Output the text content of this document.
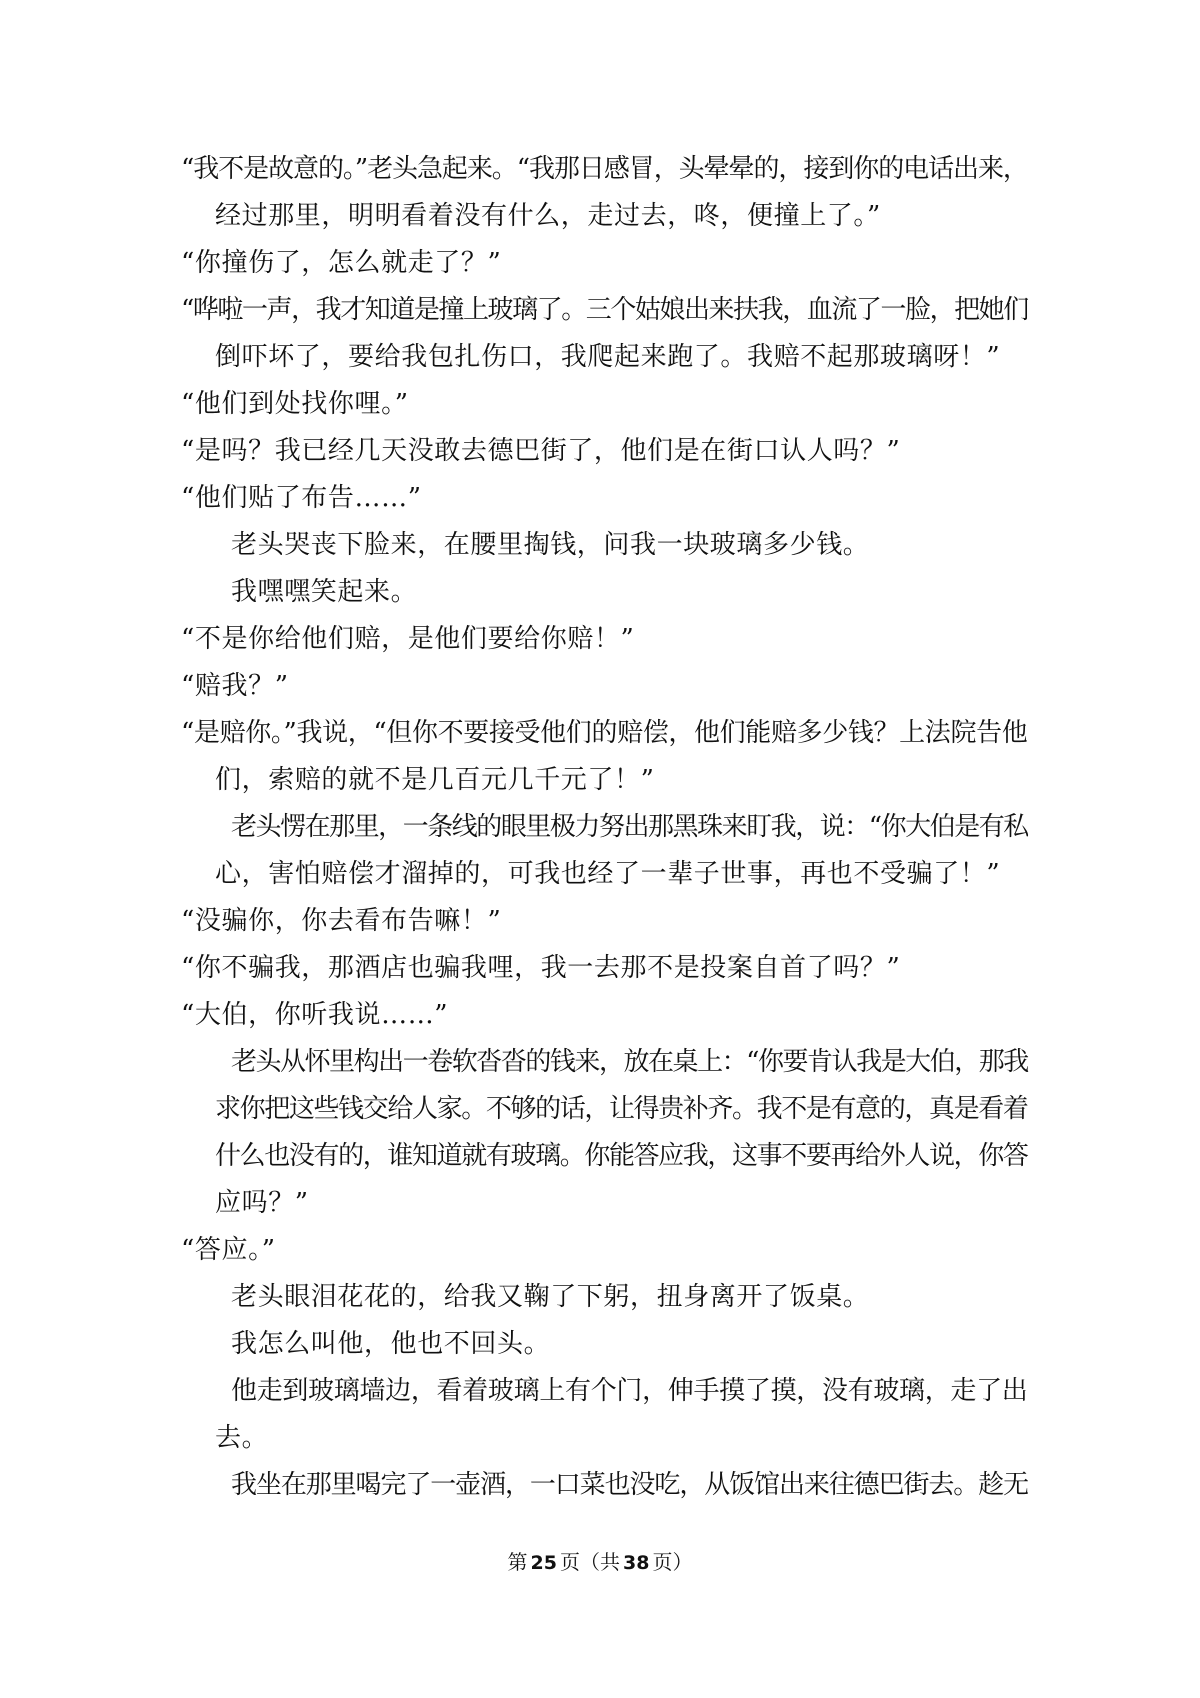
“我不是故意的。”老头急起来。“我那日感冒，头晕晕的，接到你的电话出来，
经过那里，明明看着没有什么，走过去，咚，便撞上了。”
“你撞伤了，怎么就走了？”
“哗啦一声，我才知道是撞上玻璃了。三个姑娘出来扶我，血流了一脸，把她们
倒吓坏了，要给我包扎伤口，我爬起来跑了。我赔不起那玻璃呀！”
“他们到处找你哩。”
“是吗？我已经几天没敢去德巴街了，他们是在街口认人吗？”
“他们贴了布告……”
老头哭丧下脸来，在腰里掏钱，问我一块玻璃多少钱。
我嘿嘿笑起来。
“不是你给他们赔，是他们要给你赔！”
“赔我？”
“是赔你。”我说，“但你不要接受他们的赔偿，他们能赔多少钱？上法院告他
们，索赔的就不是几百元几千元了！”
老头愣在那里，一条线的眼里极力努出那黑珠来盯我，说：“你大伯是有私
心，害怕赔偿才溜掉的，可我也经了一辈子世事，再也不受骗了！”
“没骗你，你去看布告嘛！”
“你不骗我，那酒店也骗我哩，我一去那不是投案自首了吗？”
“大伯，你听我说……”
老头从怀里构出一卷软沓沓的钱来，放在桌上：“你要肯认我是大伯，那我
求你把这些钱交给人家。不够的话，让得贵补齐。我不是有意的，真是看着
什么也没有的，谁知道就有玻璃。你能答应我，这事不要再给外人说，你答
应吗？”
“答应。”
老头眼泪花花的，给我又鞠了下躬，扭身离开了饭桌。
我怎么叫他，他也不回头。
他走到玻璃墙边，看着玻璃上有个门，伸手摸了摸，没有玻璃，走了出
去。
我坐在那里喝完了一壶酒，一口菜也没吃，从饭馆出来往德巴街去。趁无
第 25 页（共 38 页）
